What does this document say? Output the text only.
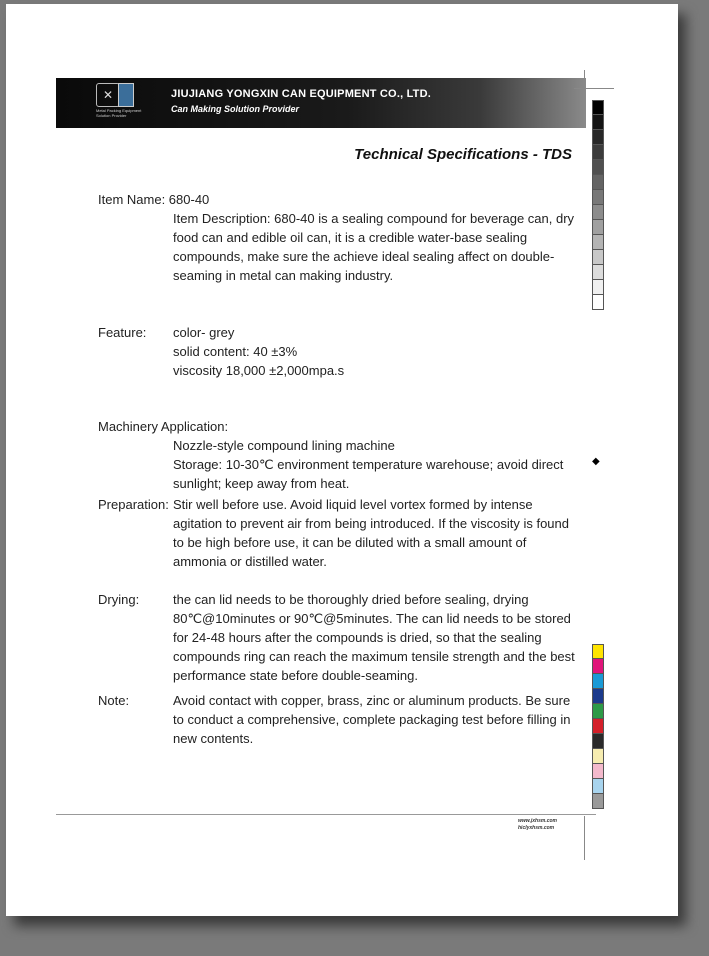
✕
Metal Packing Equipment Solution Provider
JIUJIANG YONGXIN CAN EQUIPMENT CO., LTD.
Can Making Solution Provider
◆
Technical Specifications - TDS
Item Name: 680-40
Item Description: 680-40 is a sealing compound for beverage can, dry food can and edible oil can, it is a credible water-base sealing compounds, make sure the achieve ideal sealing affect on double-seaming in metal can making industry.
Feature: color- grey
solid content: 40 ±3%
viscosity 18,000 ±2,000mpa.s
Machinery Application:
Nozzle-style compound lining machine
Storage: 10-30℃ environment temperature warehouse; avoid direct sunlight; keep away from heat.
Preparation: Stir well before use. Avoid liquid level vortex formed by intense agitation to prevent air from being introduced. If the viscosity is found to be high before use, it can be diluted with a small amount of ammonia or distilled water.
Drying:	the can lid needs to be thoroughly dried before sealing, drying 80℃@10minutes or 90℃@5minutes. The can lid needs to be stored for 24-48 hours after the compounds is dried, so that the sealing compounds ring can reach the maximum tensile strength and the best performance state before double-seaming.
Note:	Avoid contact with copper, brass, zinc or aluminum products. Be sure to conduct a comprehensive, complete packaging test before filling in new contents.
www.jxhsm.com
hiclyxhsm.com
